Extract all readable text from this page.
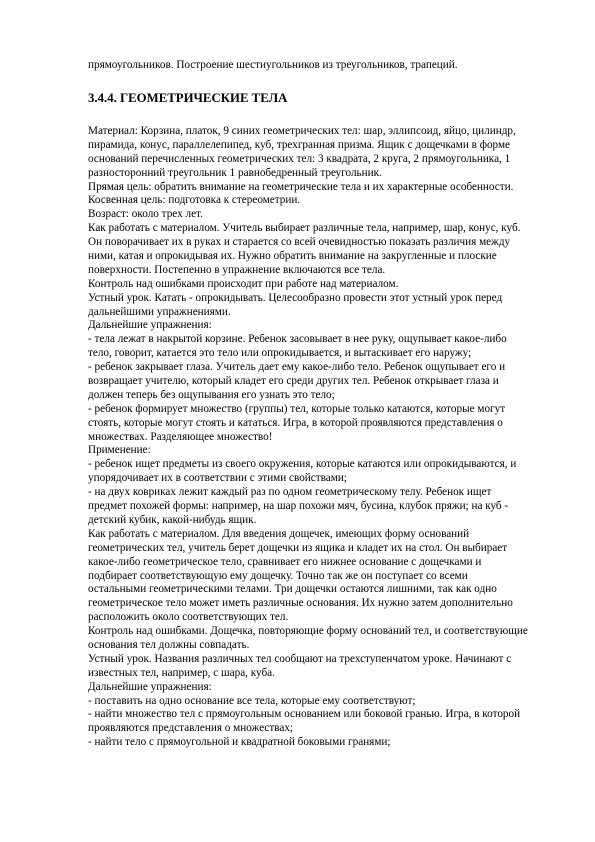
прямоугольников. Построение шестиугольников из треугольников, трапеций.
3.4.4. ГЕОМЕТРИЧЕСКИЕ ТЕЛА
Материал: Корзина, платок, 9 синих геометрических тел: шар, эллипсоид, яйцо, цилиндр,
пирамида, конус, параллелепипед, куб, трехгранная призма. Ящик с дощечками в форме
оснований перечисленных геометрических тел: 3 квадрата, 2 круга, 2 прямоугольника, 1
разносторонний треугольник 1 равнобедренный треугольник.
Прямая цель: обратить внимание на геометрические тела и их характерные особенности.
Косвенная цель: подготовка к стереометрии.
Возраст: около трех лет.
Как работать с материалом. Учитель выбирает различные тела, например, шар, конус, куб.
Он поворачивает их в руках и старается со всей очевидностью показать различия между
ними, катая и опрокидывая их. Нужно обратить внимание на закругленные и плоские
поверхности. Постепенно в упражнение включаются все тела.
Контроль над ошибками происходит при работе над материалом.
Устный урок. Катать - опрокидывать. Целесообразно провести этот устный урок перед
дальнейшими упражнениями.
Дальнейшие упражнения:
- тела лежат в накрытой корзине. Ребенок засовывает в нее руку, ощупывает какое-либо
тело, говорит, катается это тело или опрокидывается, и вытаскивает его наружу;
- ребенок закрывает глаза. Учитель дает ему какое-либо тело. Ребенок ощупывает его и
возвращает учителю, который кладет его среди других тел. Ребенок открывает глаза и
должен теперь без ощупывания его узнать это тело;
- ребенок формирует множество (группы) тел, которые только катаются, которые могут
стоять, которые могут стоять и кататься. Игра, в которой проявляются представления о
множествах. Разделяющее множество!
Применение:
- ребенок ищет предметы из своего окружения, которые катаются или опрокидываются, и
упорядочивает их в соответствии с этими свойствами;
- на двух ковриках лежит каждый раз по одном геометрическому телу. Ребенок ищет
предмет похожей формы: например, на шар похожи мяч, бусина, клубок пряжи; на куб -
детский кубик, какой-нибудь ящик.
Как работать с материалом. Для введения дощечек, имеющих форму оснований
геометрических тел, учитель берет дощечки из ящика и кладет их на стол. Он выбирает
какое-либо геометрическое тело, сравнивает его нижнее основание с дощечками и
подбирает соответствующую ему дощечку. Точно так же он поступает со всеми
остальными геометрическими телами. Три дощечки остаются лишними, так как одно
геометрическое тело может иметь различные основания. Их нужно затем дополнительно
расположить около соответствующих тел.
Контроль над ошибками. Дощечка, повторяющие форму оснований тел, и соответствующие
основания тел должны совпадать.
Устный урок. Названия различных тел сообщают на трехступенчатом уроке. Начинают с
известных тел, например, с шара, куба.
Дальнейшие упражнения:
- поставить на одно основание все тела, которые ему соответствуют;
- найти множество тел с прямоугольным основанием или боковой гранью. Игра, в которой
проявляются представления о множествах;
- найти тело с прямоугольной и квадратной боковыми гранями;
